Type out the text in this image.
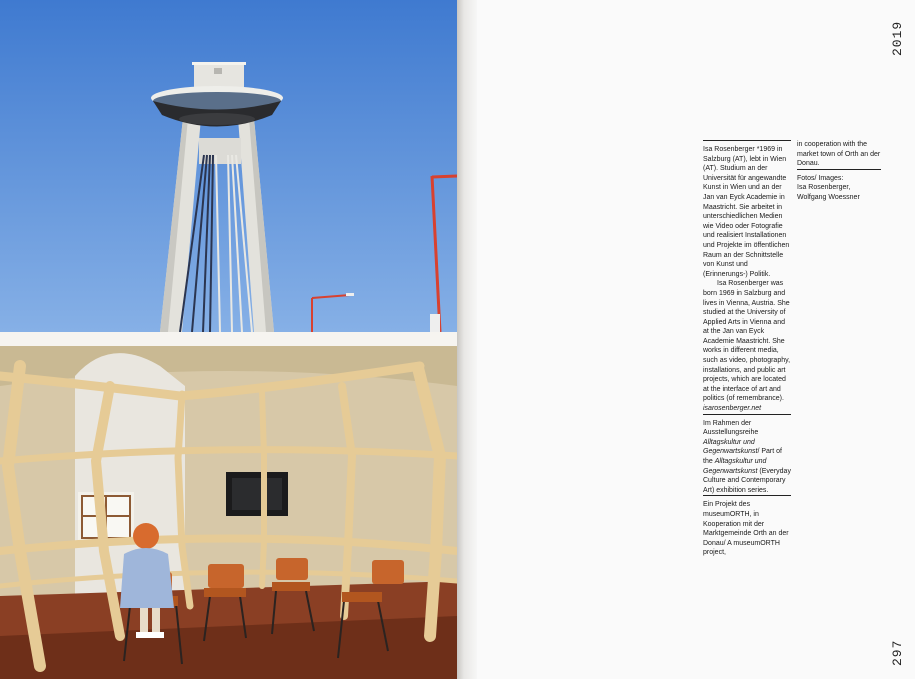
2019
297

Isa Rosenberger *1969 in Salzburg (AT), lebt in Wien (AT). Studium an der Universität für angewandte Kunst in Wien und an der Jan van Eyck Academie in Maastricht. Sie arbeitet in unterschiedlichen Medien wie Video oder Fotografie und realisiert Installationen und Projekte im öffentlichen Raum an der Schnittstelle von Kunst und (Erinnerungs-) Politik.

Isa Rosenberger was born 1969 in Salzburg and lives in Vienna, Austria. She studied at the University of Applied Arts in Vienna and at the Jan van Eyck Academie Maastricht. She works in different media, such as video, photography, installations, and public art projects, which are located at the interface of art and politics (of remembrance).

isarosenberger.net

Im Rahmen der Ausstellungsreihe Alltagskultur und Gegenwartskunst/ Part of the Alltagskultur und Gegenwartskunst (Everyday Culture and Contemporary Art) exhibition series.

Ein Projekt des museumORTH, in Kooperation mit der Marktgemeinde Orth an der Donau/ A museumORTH project,

in cooperation with the market town of Orth an der Donau.

Fotos/ Images:

Isa Rosenberger, Wolfgang Woessner
